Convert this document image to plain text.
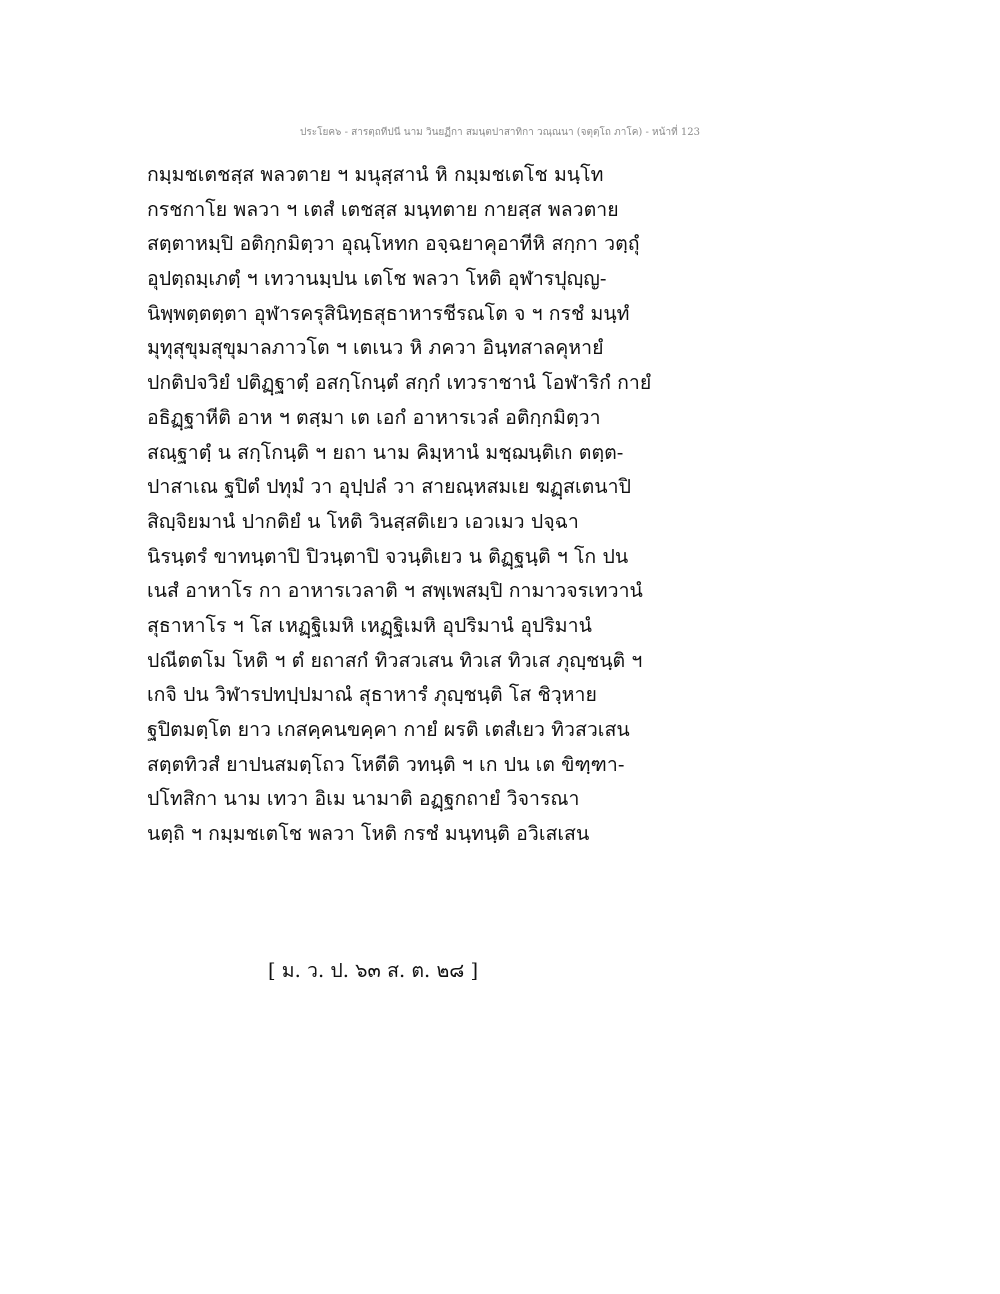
ประโยค๖ - สารตฺถทีปนี นาม วินยฏีกา สมนฺตปาสาทิกา วณฺณนา (จตุตฺโถ ภาโค) - หน้าที่ 123
กมฺมชเตชสฺส พลวตาย ฯ มนุสฺสานํ หิ กมฺมชเตโช มนฺโท
กรชกาโย พลวา ฯ เตสํ เตชสฺส มนฺทตาย กายสฺส พลวตาย
สตฺตาหมฺปิ อติกฺกมิตฺวา อุณฺโหทก อจฺฉยาคุอาทีหิ สกฺกา วตฺถุํ
อุปตฺถมฺเภตฺํ ฯ เทวานมฺปน เตโช พลวา โหติ อุฬารปุญฺญ-
นิพฺพตฺตตฺตา อุฬารครุสินิทฺธสุธาหารชีรณโต จ ฯ กรชํ มนฺทํ
มุทุสุขุมสุขุมาลภาวโต ฯ เตเนว หิ ภควา อินฺทสาลคุหายํ
ปกติปจวิยํ ปติฏฺฐาตฺํ อสกฺโกนฺตํ สกฺกํ เทวราชานํ โอฬาริกํ กายํ
อธิฏฺฐาหีติ อาห ฯ ตสฺมา เต เอกํ อาหารเวลํ อติกฺกมิตฺวา
สณฺฐาตฺํ น สกฺโกนฺติ ฯ ยถา นาม คิมฺหานํ มชฺฌนฺติเก ตตฺต-
ปาสาเณ ฐปิตํ ปทุมํ วา อุปฺปลํ วา สายณฺหสมเย ฆฏฺสเตนาปิ
สิญฺจิยมานํ ปากติยํ น โหติ วินสฺสติเยว เอวเมว ปจฺฉา
นิรนฺตรํ ขาทนฺตาปิ ปิวนฺตาปิ จวนฺติเยว น ติฏฺฐนฺติ ฯ โก ปน
เนสํ อาหาโร กา อาหารเวลาติ ฯ สพฺเพสมฺปิ กามาวจรเทวานํ
สุธาหาโร ฯ โส เหฏฺฐิเมหิ เหฏฺฐิเมหิ อุปริมานํ อุปริมานํ
ปณีตตโม โหติ ฯ ตํ ยถาสกํ ทิวสวเสน ทิวเส ทิวเส ภุญฺชนฺติ ฯ
เกจิ ปน วิฬารปทปฺปมาณํ สุธาหารํ ภุญฺชนฺติ โส ชิวฺหาย
ฐปิตมตฺโต ยาว เกสคฺคนขคฺคา กายํ ผรติ เตสํเยว ทิวสวเสน
สตฺตทิวสํ ยาปนสมตฺโถว โหตีติ วทนฺติ ฯ เก ปน เต ขิฑฺฑา-
ปโทสิกา นาม เทวา อิเม นามาติ อฏฺฐกถายํ วิจารณา
นตฺถิ ฯ กมฺมชเตโช พลวา โหติ กรชํ มนฺทนฺติ อวิเสเสน
[ ม. ว. ป. ๖๓ ส. ต. ๒๘ ]
